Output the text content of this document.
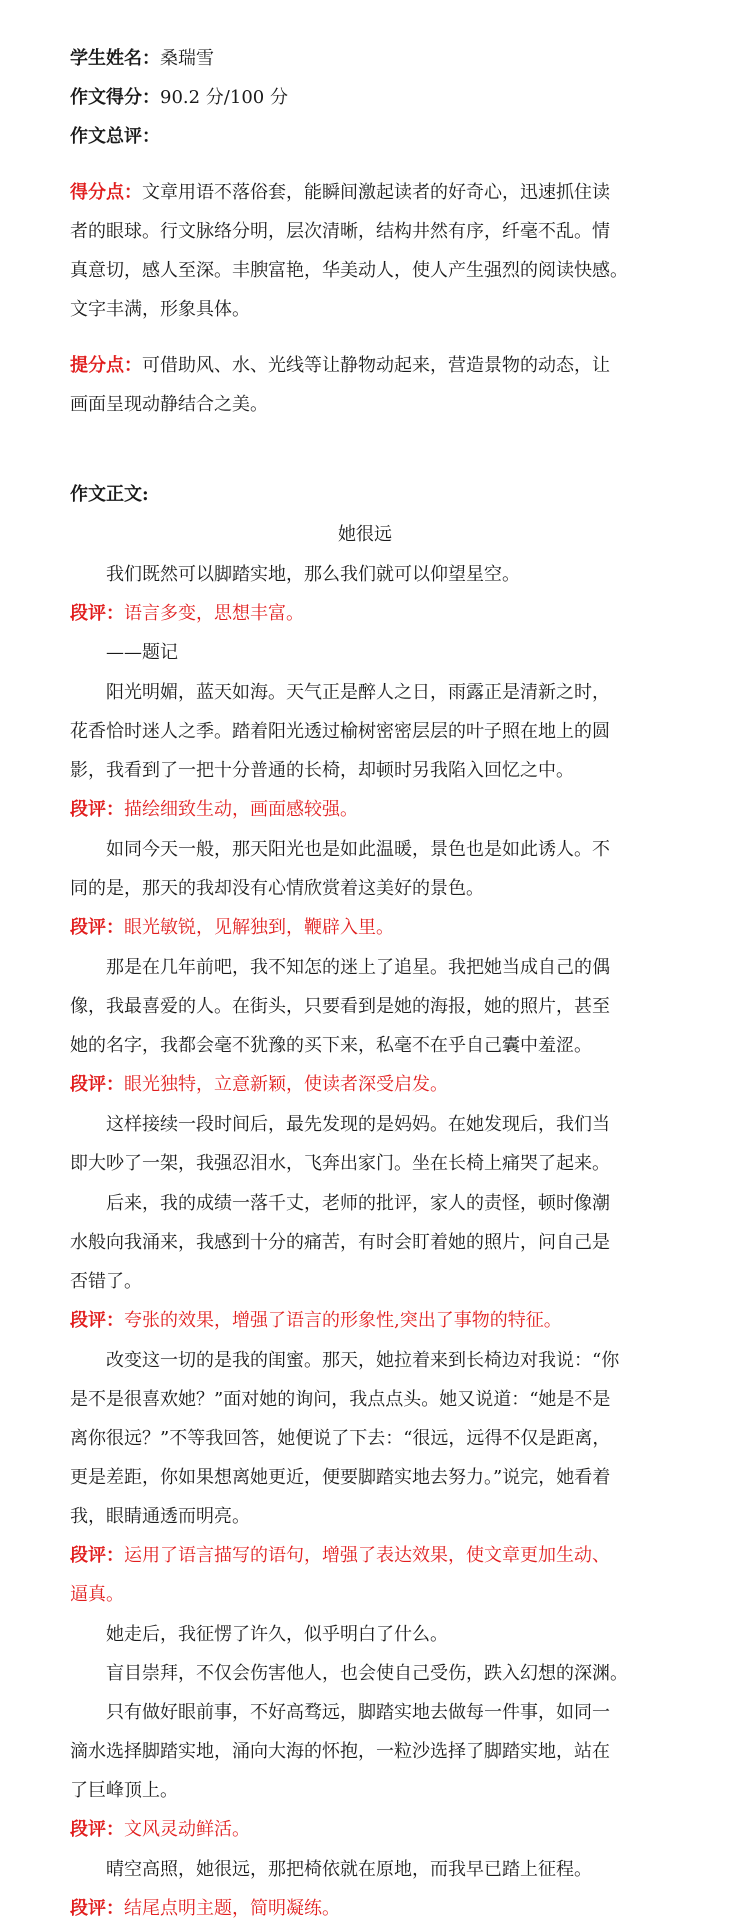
学生姓名：桑瑞雪
作文得分：90.2 分/100 分
作文总评：
得分点：文章用语不落俗套，能瞬间激起读者的好奇心，迅速抓住读
者的眼球。行文脉络分明，层次清晰，结构井然有序，纤毫不乱。情
真意切，感人至深。丰腴富艳，华美动人，使人产生强烈的阅读快感。
文字丰满，形象具体。
提分点：可借助风、水、光线等让静物动起来，营造景物的动态，让
画面呈现动静结合之美。
作文正文:
她很远
我们既然可以脚踏实地，那么我们就可以仰望星空。
段评：语言多变，思想丰富。
——题记
阳光明媚，蓝天如海。天气正是醉人之日，雨露正是清新之时，
花香恰时迷人之季。踏着阳光透过榆树密密层层的叶子照在地上的圆
影，我看到了一把十分普通的长椅，却顿时另我陷入回忆之中。
段评：描绘细致生动，画面感较强。
如同今天一般，那天阳光也是如此温暖，景色也是如此诱人。不
同的是，那天的我却没有心情欣赏着这美好的景色。
段评：眼光敏锐，见解独到，鞭辟入里。
那是在几年前吧，我不知怎的迷上了追星。我把她当成自己的偶
像，我最喜爱的人。在街头，只要看到是她的海报，她的照片，甚至
她的名字，我都会毫不犹豫的买下来，私毫不在乎自己囊中羞涩。
段评：眼光独特，立意新颖，使读者深受启发。
这样接续一段时间后，最先发现的是妈妈。在她发现后，我们当
即大吵了一架，我强忍泪水，飞奔出家门。坐在长椅上痛哭了起来。
后来，我的成绩一落千丈，老师的批评，家人的责怪，顿时像潮
水般向我涌来，我感到十分的痛苦，有时会盯着她的照片，问自己是
否错了。
段评：夸张的效果，增强了语言的形象性,突出了事物的特征。
改变这一切的是我的闺蜜。那天，她拉着来到长椅边对我说：“你
是不是很喜欢她？”面对她的询问，我点点头。她又说道：“她是不是
离你很远？”不等我回答，她便说了下去：“很远，远得不仅是距离，
更是差距，你如果想离她更近，便要脚踏实地去努力。”说完，她看着
我，眼睛通透而明亮。
段评：运用了语言描写的语句，增强了表达效果，使文章更加生动、
逼真。
她走后，我征愣了许久，似乎明白了什么。
盲目崇拜，不仅会伤害他人，也会使自己受伤，跌入幻想的深渊。
只有做好眼前事，不好高骛远，脚踏实地去做每一件事，如同一
滴水选择脚踏实地，涌向大海的怀抱，一粒沙选择了脚踏实地，站在
了巨峰顶上。
段评：文风灵动鲜活。
晴空高照，她很远，那把椅依就在原地，而我早已踏上征程。
段评：结尾点明主题，简明凝练。
